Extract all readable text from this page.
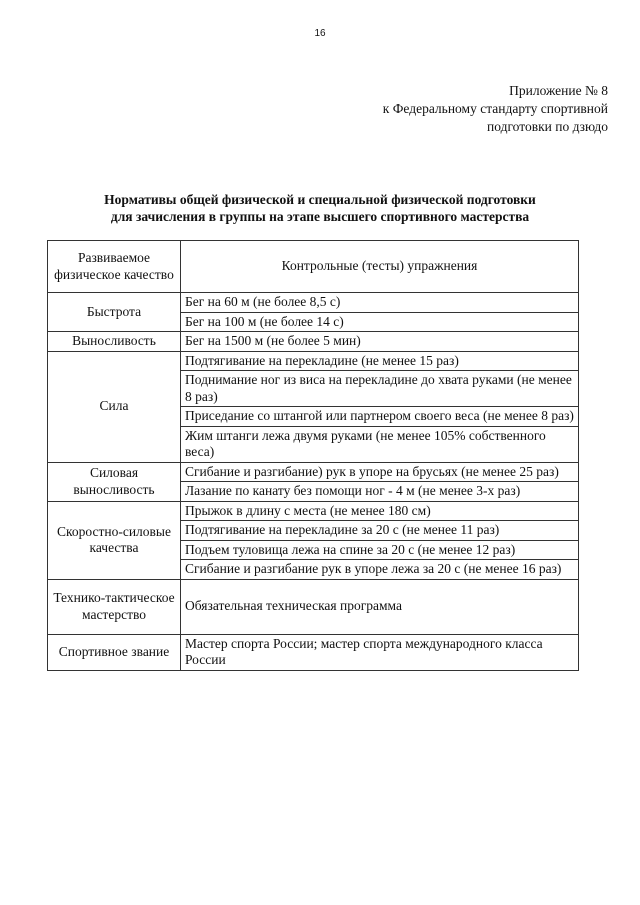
16
Приложение № 8
к Федеральному стандарту спортивной
подготовки по дзюдо
Нормативы общей физической и специальной физической подготовки
для зачисления в группы на этапе высшего спортивного мастерства
Развиваемое физическое качество	Контрольные (тесты) упражнения
Быстрота	Бег на 60 м (не более 8,5 с)
	Бег на 100 м (не более 14 с)
Выносливость	Бег на 1500 м (не более 5 мин)
Сила	Подтягивание на перекладине (не менее 15 раз)
	Поднимание ног из виса на перекладине до хвата руками (не менее 8 раз)
	Приседание со штангой или партнером своего веса (не менее 8 раз)
	Жим штанги лежа двумя руками (не менее 105% собственного веса)
Силовая выносливость	Сгибание и разгибание) рук в упоре на брусьях (не менее 25 раз)
	Лазание по канату без помощи ног - 4 м (не менее 3-х раз)
Скоростно-силовые качества	Прыжок в длину с места (не менее 180 см)
	Подтягивание на перекладине за 20 с (не менее 11 раз)
	Подъем туловища лежа на спине за 20 с (не менее 12 раз)
	Сгибание и разгибание рук в упоре лежа за 20 с (не менее 16 раз)
Технико-тактическое мастерство	Обязательная техническая программа
Спортивное звание	Мастер спорта России; мастер спорта международного класса России
